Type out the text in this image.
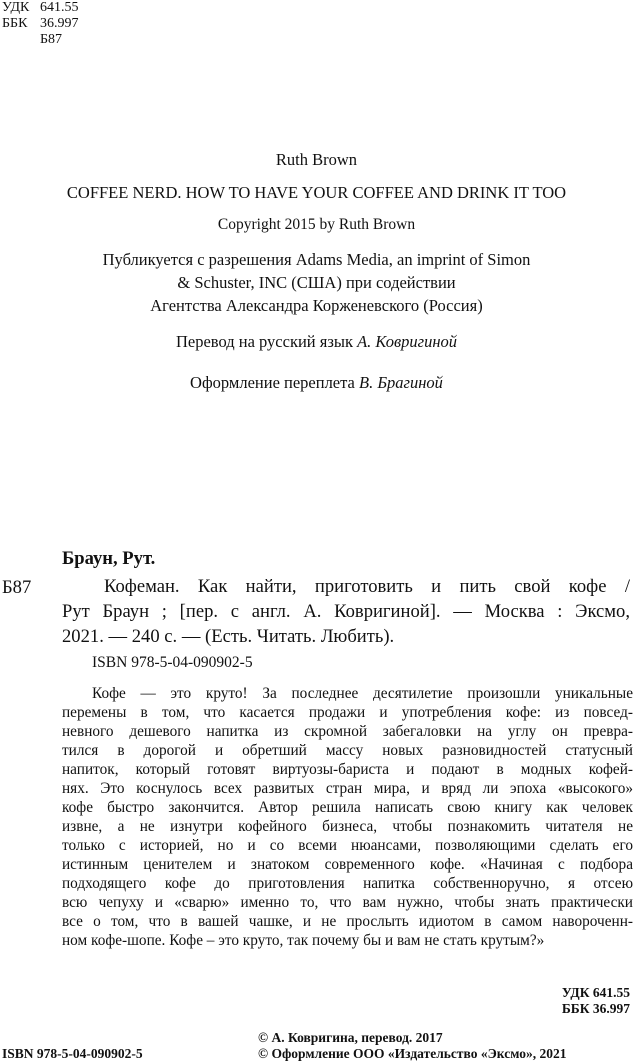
УДК 641.55
ББК 36.997
Б87
Ruth Brown
COFFEE NERD. HOW TO HAVE YOUR COFFEE AND DRINK IT TOO
Copyright 2015 by Ruth Brown
Публикуется с разрешения Adams Media, an imprint of Simon
& Schuster, INC (США) при содействии
Агентства Александра Корженевского (Россия)
Перевод на русский язык А. Ковригиной
Оформление переплета В. Брагиной
Браун, Рут.
Б87	Кофеман. Как найти, приготовить и пить свой кофе /
Рут Браун ; [пер. с англ. А. Ковригиной]. — Москва : Эксмо,
2021. — 240 с. — (Есть. Читать. Любить).
ISBN 978-5-04-090902-5
Кофе — это круто! За последнее десятилетие произошли уникальные
перемены в том, что касается продажи и употребления кофе: из повсед-
невного дешевого напитка из скромной забегаловки на углу он превра-
тился в дорогой и обретший массу новых разновидностей статусный
напиток, который готовят виртуозы-бариста и подают в модных кофей-
нях. Это коснулось всех развитых стран мира, и вряд ли эпоха «высокого»
кофе быстро закончится. Автор решила написать свою книгу как человек
извне, а не изнутри кофейного бизнеса, чтобы познакомить читателя не
только с историей, но и со всеми нюансами, позволяющими сделать его
истинным ценителем и знатоком современного кофе. «Начиная с подбора
подходящего кофе до приготовления напитка собственноручно, я отсею
всю чепуху и «сварю» именно то, что вам нужно, чтобы знать практически
все о том, что в вашей чашке, и не прослыть идиотом в самом навороченн-
ном кофе-шопе. Кофе – это круто, так почему бы и вам не стать крутым?»
УДК 641.55
ББК 36.997
© А. Ковригина, перевод. 2017
© Оформление ООО «Издательство «Эксмо», 2021
ISBN 978-5-04-090902-5
